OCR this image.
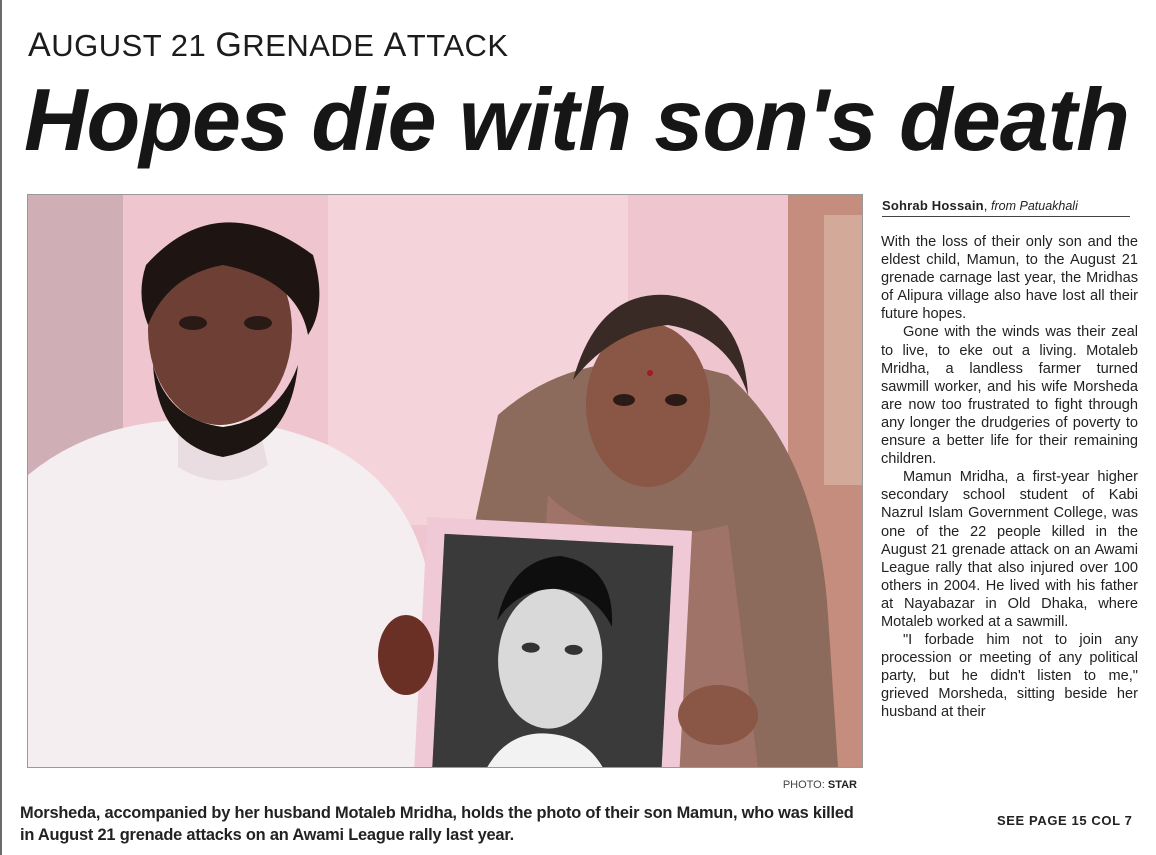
AUGUST 21 GRENADE ATTACK
Hopes die with son's death
PHOTO: STAR
Morsheda, accompanied by her husband Motaleb Mridha, holds the photo of their son Mamun, who was killed in August 21 grenade attacks on an Awami League rally last year.
Sohrab Hossain, from Patuakhali

With the loss of their only son and the eldest child, Mamun, to the August 21 grenade carnage last year, the Mridhas of Alipura village also have lost all their future hopes.

Gone with the winds was their zeal to live, to eke out a living. Motaleb Mridha, a landless farmer turned sawmill worker, and his wife Morsheda are now too frustrated to fight through any longer the drudgeries of poverty to ensure a better life for their remaining children.

Mamun Mridha, a first-year higher secondary school student of Kabi Nazrul Islam Government College, was one of the 22 people killed in the August 21 grenade attack on an Awami League rally that also injured over 100 others in 2004. He lived with his father at Nayabazar in Old Dhaka, where Motaleb worked at a sawmill.

"I forbade him not to join any procession or meeting of any political party, but he didn't listen to me," grieved Morsheda, sitting beside her husband at their

SEE PAGE 15 COL 7
